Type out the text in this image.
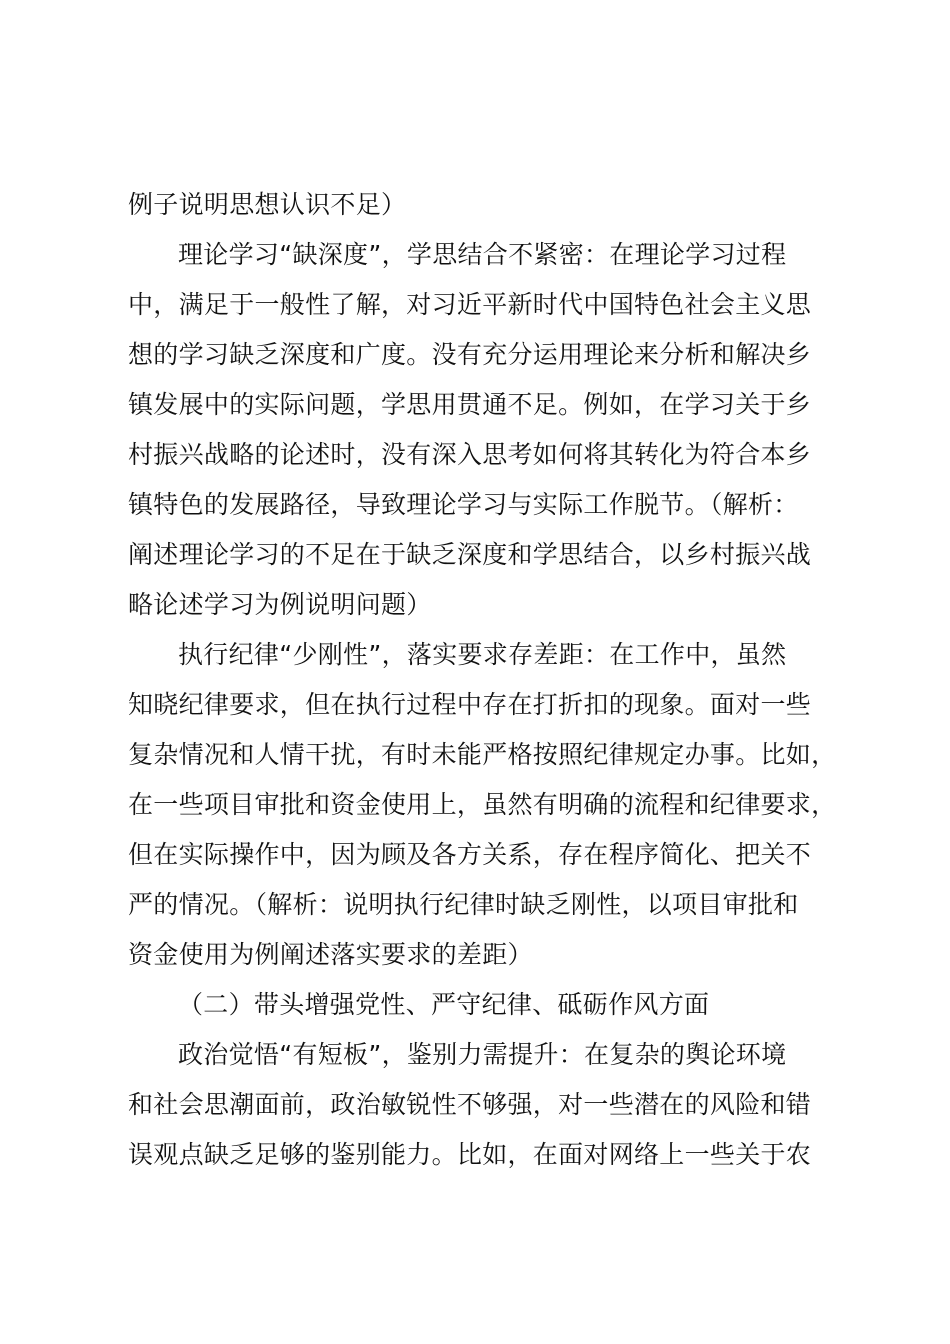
例子说明思想认识不足）
理论学习“缺深度”，学思结合不紧密：在理论学习过程
中，满足于一般性了解，对习近平新时代中国特色社会主义思
想的学习缺乏深度和广度。没有充分运用理论来分析和解决乡
镇发展中的实际问题，学思用贯通不足。例如，在学习关于乡
村振兴战略的论述时，没有深入思考如何将其转化为符合本乡
镇特色的发展路径，导致理论学习与实际工作脱节。（解析：
阐述理论学习的不足在于缺乏深度和学思结合，以乡村振兴战
略论述学习为例说明问题）
执行纪律“少刚性”，落实要求存差距：在工作中，虽然
知晓纪律要求，但在执行过程中存在打折扣的现象。面对一些
复杂情况和人情干扰，有时未能严格按照纪律规定办事。比如，
在一些项目审批和资金使用上，虽然有明确的流程和纪律要求，
但在实际操作中，因为顾及各方关系，存在程序简化、把关不
严的情况。（解析：说明执行纪律时缺乏刚性，以项目审批和
资金使用为例阐述落实要求的差距）
（二）带头增强党性、严守纪律、砥砺作风方面
政治觉悟“有短板”，鉴别力需提升：在复杂的舆论环境
和社会思潮面前，政治敏锐性不够强，对一些潜在的风险和错
误观点缺乏足够的鉴别能力。比如，在面对网络上一些关于农
